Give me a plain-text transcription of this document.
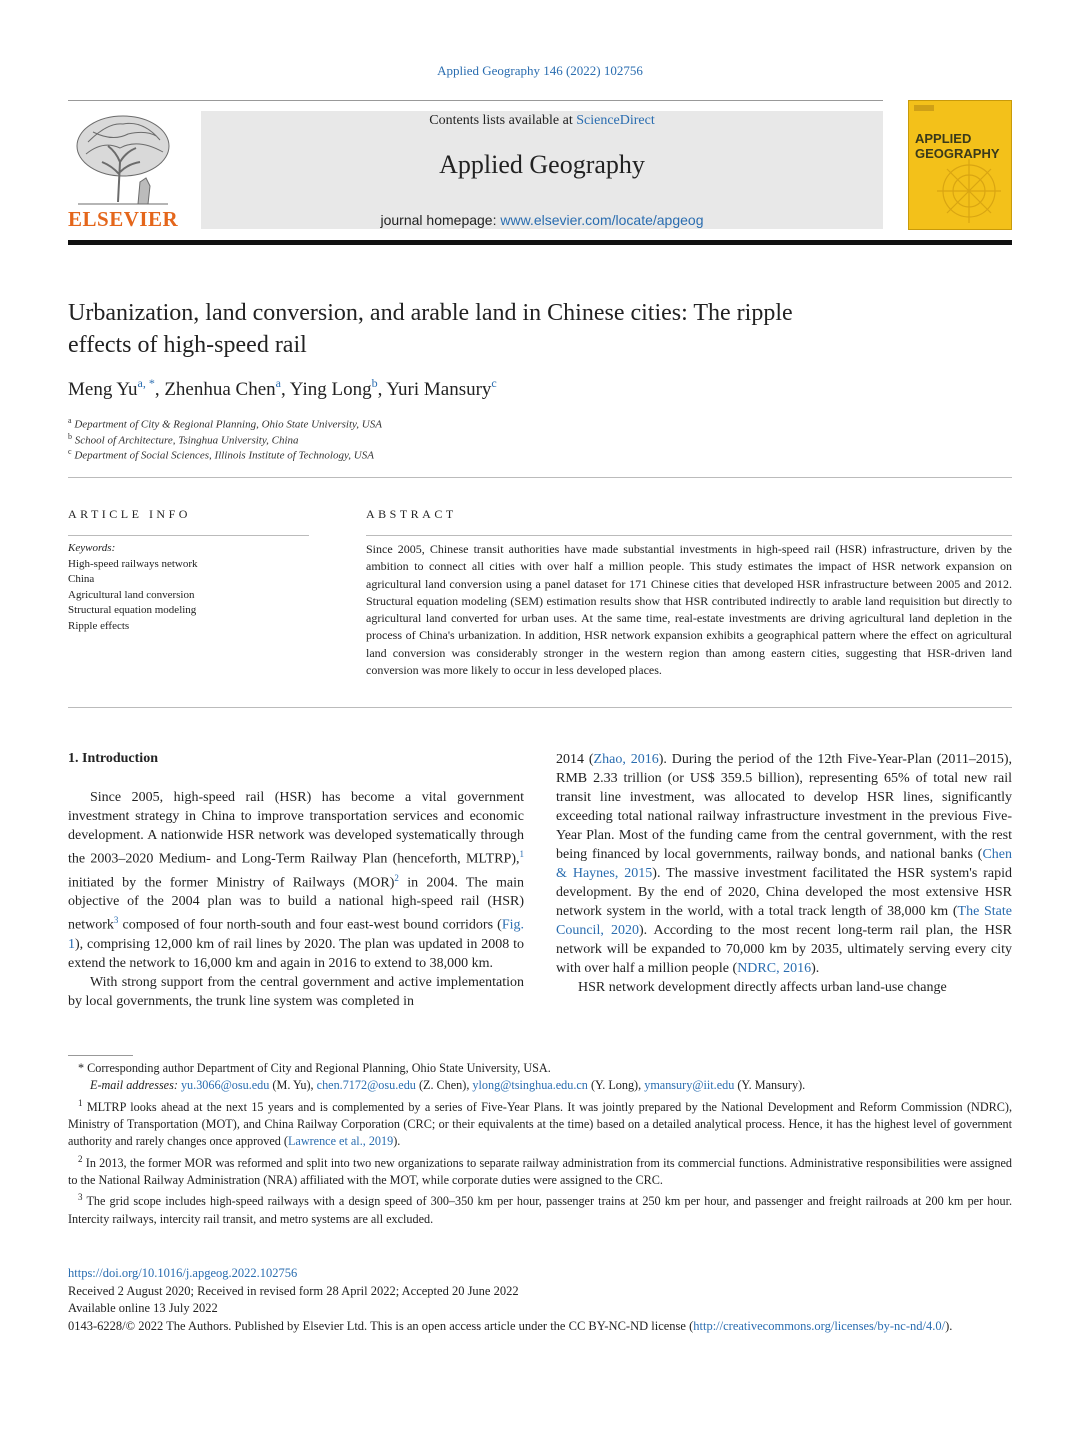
Applied Geography 146 (2022) 102756
ELSEVIER
Contents lists available at ScienceDirect
Applied Geography
journal homepage: www.elsevier.com/locate/apgeog
APPLIED
GEOGRAPHY
Urbanization, land conversion, and arable land in Chinese cities: The ripple
effects of high-speed rail
Meng $Yu^{a, *}$, Zhenhua Chen$^a$, Ying Long$^b$, Yuri Mansury$^c$
$^a$ Department of City & Regional Planning, Ohio State University, USA
$^b$ School of Architecture, Tsinghua University, China
$^c$ Department of Social Sciences, Illinois Institute of Technology, USA
ARTICLE INFO	ABSTRACT
Keywords:
High-speed railways network
China
Agricultural land conversion
Structural equation modeling
Ripple effects
Since 2005, Chinese transit authorities have made substantial investments in high-speed rail (HSR) infrastructure, driven by the ambition to connect all cities with over half a million people. This study estimates the impact of HSR network expansion on agricultural land conversion using a panel dataset for 171 Chinese cities that developed HSR infrastructure between 2005 and 2012. Structural equation modeling (SEM) estimation results show that HSR contributed indirectly to arable land requisition but directly to agricultural land converted for urban uses. At the same time, real-estate investments are driving agricultural land depletion in the process of China's urbanization. In addition, HSR network expansion exhibits a geographical pattern where the effect on agricultural land conversion was considerably stronger in the western region than among eastern cities, suggesting that HSR-driven land conversion was more likely to occur in less developed places.
1. Introduction

Since 2005, high-speed rail (HSR) has become a vital government investment strategy in China to improve transportation services and economic development. A nationwide HSR network was developed systematically through the 2003–2020 Medium- and Long-Term Railway Plan (henceforth, MLTRP),$^1$ initiated by the former Ministry of Railways (MOR)$^2$ in 2004. The main objective of the 2004 plan was to build a national high-speed rail (HSR) network$^3$ composed of four north-south and four east-west bound corridors (Fig. 1), comprising 12,000 km of rail lines by 2020. The plan was updated in 2008 to extend the network to 16,000 km and again in 2016 to extend to 38,000 km.

With strong support from the central government and active implementation by local governments, the trunk line system was completed in

2014 (Zhao, 2016). During the period of the 12th Five-Year-Plan (2011–2015), RMB 2.33 trillion (or US$ 359.5 billion), representing 65% of total new rail transit line investment, was allocated to develop HSR lines, significantly exceeding total national railway infrastructure investment in the previous Five-Year Plan. Most of the funding came from the central government, with the rest being financed by local governments, railway bonds, and national banks (Chen & Haynes, 2015). The massive investment facilitated the HSR system's rapid development. By the end of 2020, China developed the most extensive HSR network system in the world, with a total track length of 38,000 km (The State Council, 2020). According to the most recent long-term rail plan, the HSR network will be expanded to 70,000 km by 2035, ultimately serving every city with over half a million people (NDRC, 2016).

HSR network development directly affects urban land-use change

* Corresponding author Department of City and Regional Planning, Ohio State University, USA.

E-mail addresses: yu.3066@osu.edu (M. Yu), chen.7172@osu.edu (Z. Chen), ylong@tsinghua.edu.cn (Y. Long), ymansury@iit.edu (Y. Mansury).

$^1$ MLTRP looks ahead at the next 15 years and is complemented by a series of Five-Year Plans. It was jointly prepared by the National Development and Reform Commission (NDRC), Ministry of Transportation (MOT), and China Railway Corporation (CRC; or their equivalents at the time) based on a detailed analytical process. Hence, it has the highest level of government authority and rarely changes once approved (Lawrence et al., 2019).

$^2$ In 2013, the former MOR was reformed and split into two new organizations to separate railway administration from its commercial functions. Administrative responsibilities were assigned to the National Railway Administration (NRA) affiliated with the MOT, while corporate duties were assigned to the CRC.

$^3$ The grid scope includes high-speed railways with a design speed of 300–350 km per hour, passenger trains at 250 km per hour, and passenger and freight railroads at 200 km per hour. Intercity railways, intercity rail transit, and metro systems are all excluded.

https://doi.org/10.1016/j.apgeog.2022.102756

Received 2 August 2020; Received in revised form 28 April 2022; Accepted 20 June 2022

Available online 13 July 2022

0143-6228/© 2022 The Authors. Published by Elsevier Ltd. This is an open access article under the CC BY-NC-ND license (http://creativecommons.org/licenses/by-nc-nd/4.0/).
